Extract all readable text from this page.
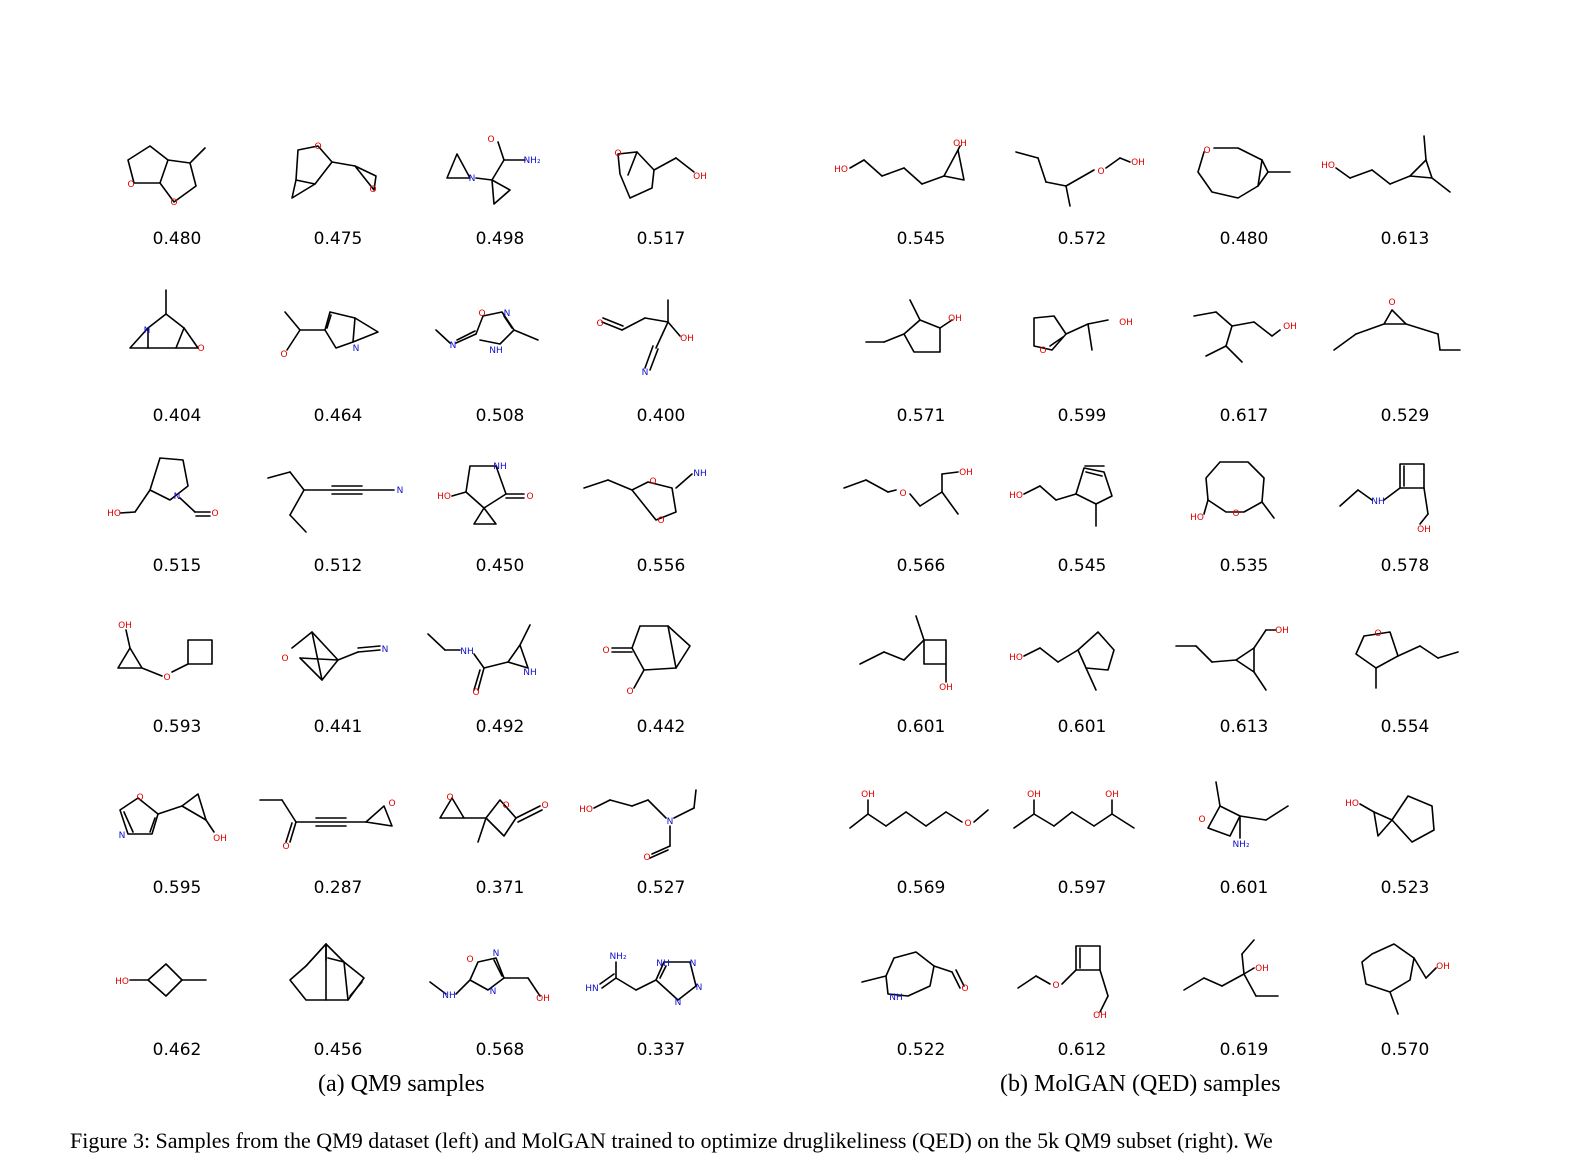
O
O
O
O
N
O
NH₂
O
OH
N
O
O
N	N
O N
NH
O
OH
N
HO
N
O
N
NH
HO	O
O
O
NH
OH
O
O
N	NH
O
NH
O
O
O
N	OH
O
O
O
O	O	HO
N
O
HO
O
N
NH	N
OH
NH₂
HN
NH N
N
N
HO
OH
O
OH
O
HO
OH
O
OH	OH
O
O
OH
HO
HO	O
NH
OH
OH
HO
OH	O
OH
O
OH	OH
O
NH₂
HO
NH
O	O
OH
OH	OH
0.480	0.475	0.498	0.517
0.404	0.464	0.508	0.400
0.515	0.512	0.450	0.556
0.593	0.441	0.492	0.442
0.595	0.287	0.371	0.527
0.462	0.456	0.568	0.337
0.545	0.572	0.480	0.613
0.571	0.599	0.617	0.529
0.566	0.545	0.535	0.578
0.601	0.601	0.613	0.554
0.569	0.597	0.601	0.523
0.522	0.612	0.619	0.570
(a) QM9 samples	(b) MolGAN (QED) samples
Figure 3: Samples from the QM9 dataset (left) and MolGAN trained to optimize druglikeliness (QED) on the 5k QM9 subset (right). We
